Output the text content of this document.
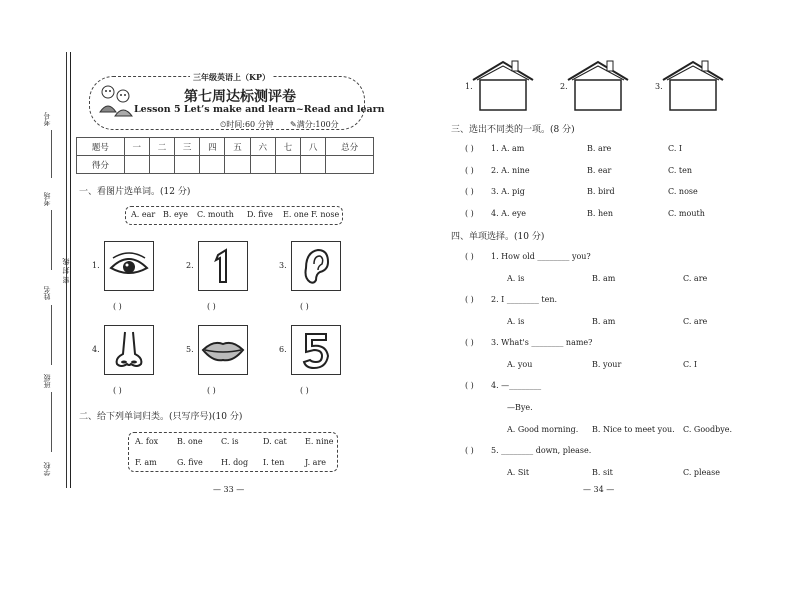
考号
考场
姓名
密 封 线
班级
学校
三年级英语上（KP）
第七周达标测评卷
Lesson 5 Let’s make and learn~Read and learn
⏲时间:60 分钟 ✎满分:100分
题号	一	二	三	四	五	六	七	八	总分
得分									
一、看图片选单词。(12 分)
A. ear B. eye C. mouth D. five E. one F. nose
1.
( )
2.
( )
3.
( )
4.
( )
5.
( )
6.
( )
二、给下列单词归类。(只写序号)(10 分)
A. fox B. one C. is	D. cat E. nine
F. am	G. five H. dog I. ten	J. are
— 33 —
1.	2.	3.
三、选出不同类的一项。(8 分)
( ) 1. A. am	B. are	C. I
( ) 2. A. nine	B. ear	C. ten
( ) 3. A. pig	B. bird	C. nose
( ) 4. A. eye	B. hen	C. mouth
四、单项选择。(10 分)
( ) 1. How old ________ you?
A. is	B. am	C. are
( ) 2. I ________ ten.
A. is	B. am	C. are
( ) 3. What's ________ name?
A. you	B. your	C. I
( ) 4. —________
—Bye.
A. Good morning. B. Nice to meet you. C. Goodbye.
( ) 5. ________ down, please.
A. Sit	B. sit	C. please
— 34 —
